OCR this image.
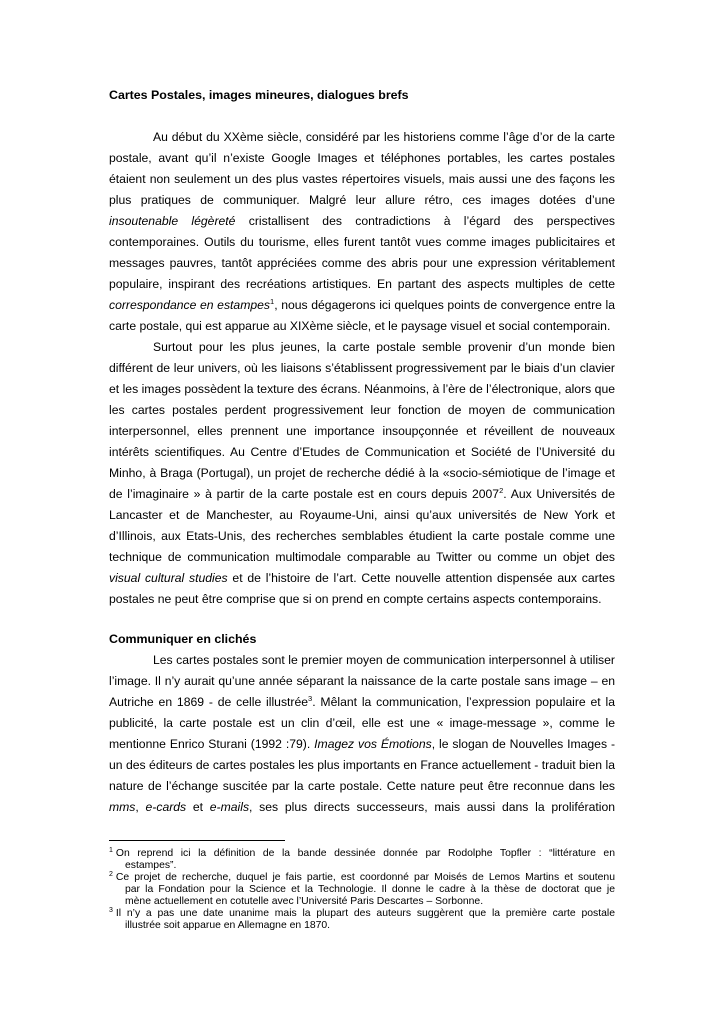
Cartes Postales, images mineures, dialogues brefs
Au début du XXème siècle, considéré par les historiens comme l’âge d’or de la carte
postale, avant qu’il n’existe Google Images et téléphones portables, les cartes postales
étaient non seulement un des plus vastes répertoires visuels, mais aussi une des façons les
plus pratiques de communiquer. Malgré leur allure rétro, ces images dotées d’une
insoutenable légèreté cristallisent des contradictions à l’égard des perspectives
contemporaines. Outils du tourisme, elles furent tantôt vues comme images publicitaires et
messages pauvres, tantôt appréciées comme des abris pour une expression véritablement
populaire, inspirant des recréations artistiques. En partant des aspects multiples de cette
correspondance en estampes$^1$, nous dégagerons ici quelques points de convergence entre la
carte postale, qui est apparue au XIXème siècle, et le paysage visuel et social contemporain.
Surtout pour les plus jeunes, la carte postale semble provenir d’un monde bien
différent de leur univers, où les liaisons s’établissent progressivement par le biais d’un clavier
et les images possèdent la texture des écrans. Néanmoins, à l’ère de l’électronique, alors que
les cartes postales perdent progressivement leur fonction de moyen de communication
interpersonnel, elles prennent une importance insoupçonnée et réveillent de nouveaux
intérêts scientifiques. Au Centre d’Etudes de Communication et Société de l’Université du
Minho, à Braga (Portugal), un projet de recherche dédié à la «socio-sémiotique de l’image et
de l’imaginaire » à partir de la carte postale est en cours depuis 2007$^2$. Aux Universités de
Lancaster et de Manchester, au Royaume-Uni, ainsi qu’aux universités de New York et
d’Illinois, aux Etats-Unis, des recherches semblables étudient la carte postale comme une
technique de communication multimodale comparable au Twitter ou comme un objet des
visual cultural studies et de l’histoire de l’art. Cette nouvelle attention dispensée aux cartes
postales ne peut être comprise que si on prend en compte certains aspects contemporains.
Communiquer en clichés
Les cartes postales sont le premier moyen de communication interpersonnel à utiliser
l’image. Il n’y aurait qu’une année séparant la naissance de la carte postale sans image – en
Autriche en 1869 - de celle illustrée$^3$. Mêlant la communication, l’expression populaire et la
publicité, la carte postale est un clin d’œil, elle est une « image-message », comme le
mentionne Enrico Sturani (1992 :79). Imagez vos Émotions, le slogan de Nouvelles Images -
un des éditeurs de cartes postales les plus importants en France actuellement - traduit bien la
nature de l’échange suscitée par la carte postale. Cette nature peut être reconnue dans les
mms, e-cards et e-mails, ses plus directs successeurs, mais aussi dans la prolifération
$^1$ On reprend ici la définition de la bande dessinée donnée par Rodolphe Topfler : “littérature en
estampes”.
$^2$ Ce projet de recherche, duquel je fais partie, est coordonné par Moisés de Lemos Martins et soutenu
par la Fondation pour la Science et la Technologie. Il donne le cadre à la thèse de doctorat que je
mène actuellement en cotutelle avec l’Université Paris Descartes – Sorbonne.
$^3$ Il n’y a pas une date unanime mais la plupart des auteurs suggèrent que la première carte postale
illustrée soit apparue en Allemagne en 1870.
